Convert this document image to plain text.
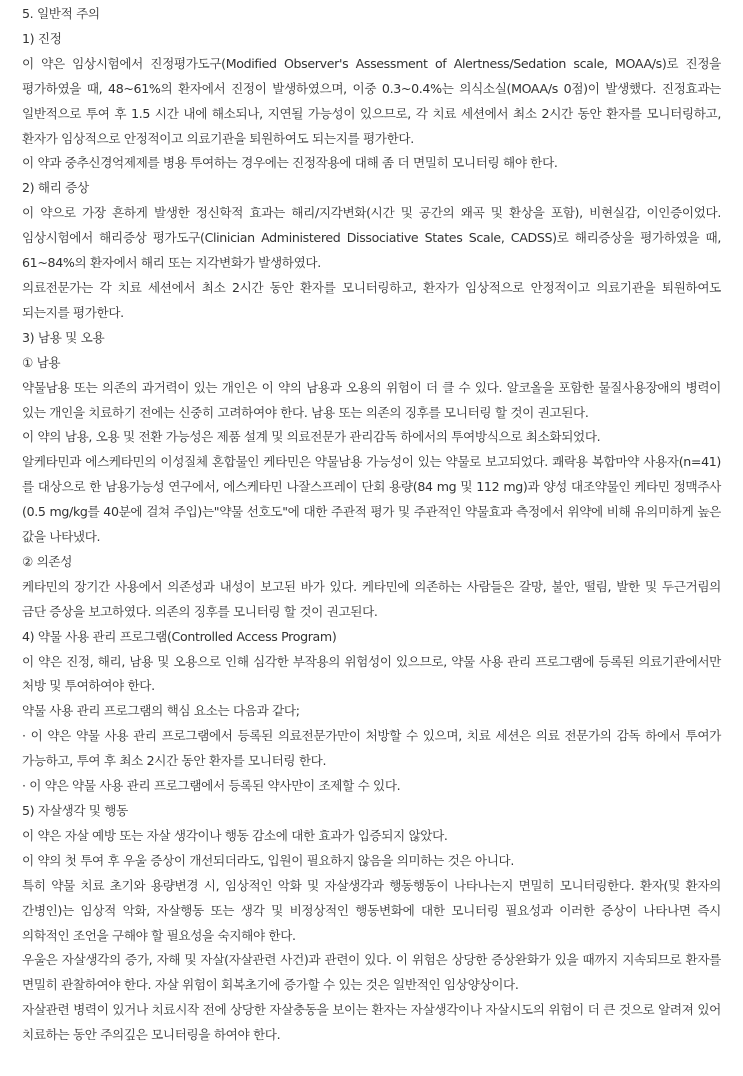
5. 일반적 주의

1) 진정

이 약은 임상시험에서 진정평가도구(Modified Observer's Assessment of Alertness/Sedation scale, MOAA/s)로 진정을 평가하였을 때, 48~61%의 환자에서 진정이 발생하였으며, 이중 0.3~0.4%는 의식소실(MOAA/s 0점)이 발생했다. 진정효과는 일반적으로 투여 후 1.5 시간 내에 해소되나, 지연될 가능성이 있으므로, 각 치료 세션에서 최소 2시간 동안 환자를 모니터링하고, 환자가 임상적으로 안정적이고 의료기관을 퇴원하여도 되는지를 평가한다.

이 약과 중추신경억제제를 병용 투여하는 경우에는 진정작용에 대해 좀 더 면밀히 모니터링 해야 한다.

2) 해리 증상

이 약으로 가장 흔하게 발생한 정신학적 효과는 해리/지각변화(시간 및 공간의 왜곡 및 환상을 포함), 비현실감, 이인증이었다. 임상시험에서 해리증상 평가도구(Clinician Administered Dissociative States Scale, CADSS)로 해리증상을 평가하였을 때, 61~84%의 환자에서 해리 또는 지각변화가 발생하였다.

의료전문가는 각 치료 세션에서 최소 2시간 동안 환자를 모니터링하고, 환자가 임상적으로 안정적이고 의료기관을 퇴원하여도 되는지를 평가한다.

3) 남용 및 오용

① 남용

약물남용 또는 의존의 과거력이 있는 개인은 이 약의 남용과 오용의 위험이 더 클 수 있다. 알코올을 포함한 물질사용장애의 병력이 있는 개인을 치료하기 전에는 신중히 고려하여야 한다. 남용 또는 의존의 징후를 모니터링 할 것이 권고된다.

이 약의 남용, 오용 및 전환 가능성은 제품 설계 및 의료전문가 관리감독 하에서의 투여방식으로 최소화되었다.

알케타민과 에스케타민의 이성질체 혼합물인 케타민은 약물남용 가능성이 있는 약물로 보고되었다. 쾌락용 복합마약 사용자(n=41)를 대상으로 한 남용가능성 연구에서, 에스케타민 나잘스프레이 단회 용량(84 mg 및 112 mg)과 양성 대조약물인 케타민 정맥주사(0.5 mg/kg를 40분에 걸쳐 주입)는"약물 선호도"에 대한 주관적 평가 및 주관적인 약물효과 측정에서 위약에 비해 유의미하게 높은 값을 나타냈다.

② 의존성

케타민의 장기간 사용에서 의존성과 내성이 보고된 바가 있다. 케타민에 의존하는 사람들은 갈망, 불안, 떨림, 발한 및 두근거림의 금단 증상을 보고하였다. 의존의 징후를 모니터링 할 것이 권고된다.

4) 약물 사용 관리 프로그램(Controlled Access Program)

이 약은 진정, 해리, 남용 및 오용으로 인해 심각한 부작용의 위험성이 있으므로, 약물 사용 관리 프로그램에 등록된 의료기관에서만 처방 및 투여하여야 한다.

약물 사용 관리 프로그램의 핵심 요소는 다음과 같다;

· 이 약은 약물 사용 관리 프로그램에서 등록된 의료전문가만이 처방할 수 있으며, 치료 세션은 의료 전문가의 감독 하에서 투여가 가능하고, 투여 후 최소 2시간 동안 환자를 모니터링 한다.

· 이 약은 약물 사용 관리 프로그램에서 등록된 약사만이 조제할 수 있다.

5) 자살생각 및 행동

이 약은 자살 예방 또는 자살 생각이나 행동 감소에 대한 효과가 입증되지 않았다.

이 약의 첫 투여 후 우울 증상이 개선되더라도, 입원이 필요하지 않음을 의미하는 것은 아니다.

특히 약물 치료 초기와 용량변경 시, 임상적인 악화 및 자살생각과 행동행동이 나타나는지 면밀히 모니터링한다. 환자(및 환자의 간병인)는 임상적 악화, 자살행동 또는 생각 및 비정상적인 행동변화에 대한 모니터링 필요성과 이러한 증상이 나타나면 즉시 의학적인 조언을 구해야 할 필요성을 숙지해야 한다.

우울은 자살생각의 증가, 자해 및 자살(자살관련 사건)과 관련이 있다. 이 위험은 상당한 증상완화가 있을 때까지 지속되므로 환자를 면밀히 관찰하여야 한다. 자살 위험이 회복초기에 증가할 수 있는 것은 일반적인 임상양상이다.

자살관련 병력이 있거나 치료시작 전에 상당한 자살충동을 보이는 환자는 자살생각이나 자살시도의 위험이 더 큰 것으로 알려져 있어 치료하는 동안 주의깊은 모니터링을 하여야 한다.
